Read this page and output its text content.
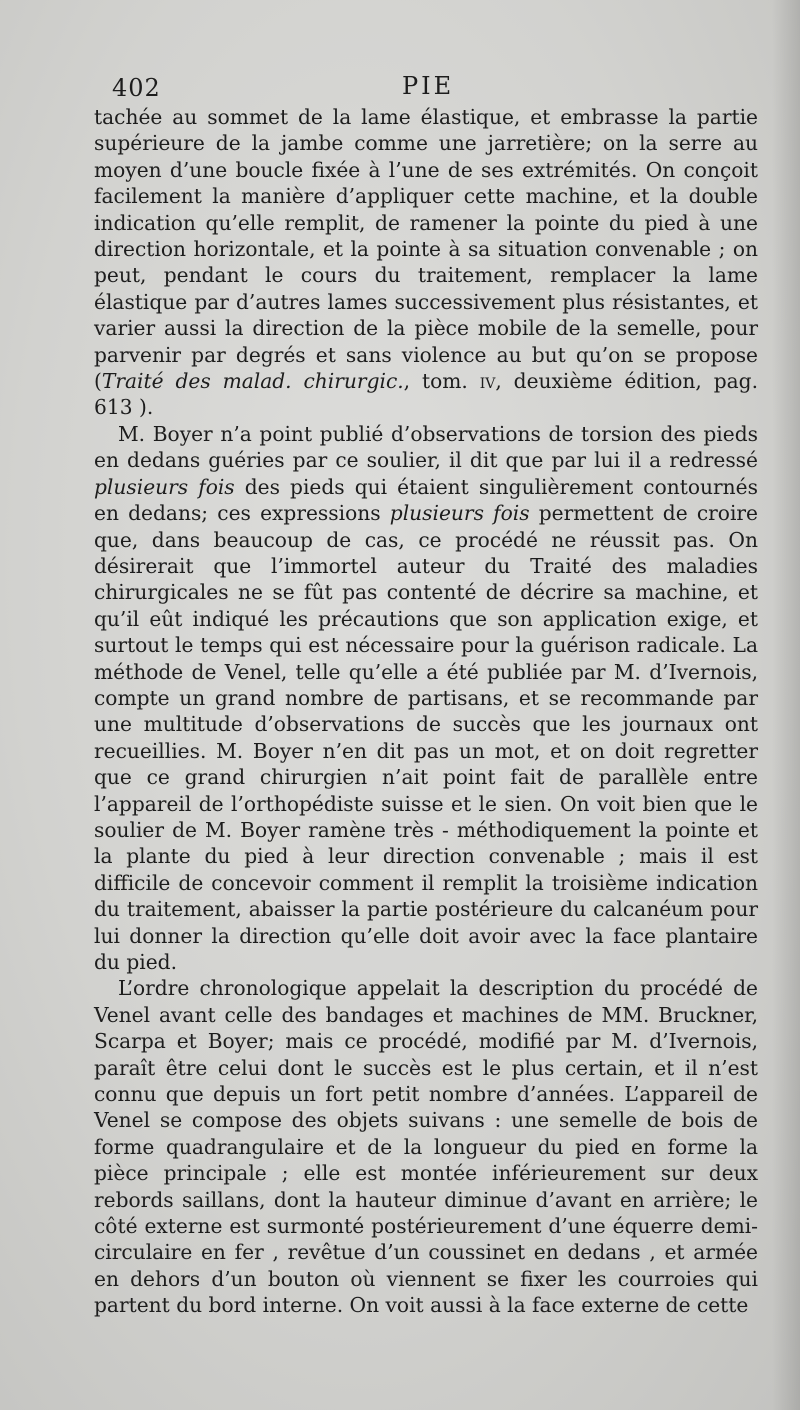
402	PIE

tachée au sommet de la lame élastique, et embrasse la partie supérieure de la jambe comme une jarretière; on la serre au moyen d’une boucle fixée à l’une de ses extrémités. On conçoit facilement la manière d’appliquer cette machine, et la double indication qu’elle remplit, de ramener la pointe du pied à une direction horizontale, et la pointe à sa situation convenable ; on peut, pendant le cours du traitement, remplacer la lame élastique par d’autres lames successivement plus résistantes, et varier aussi la direction de la pièce mobile de la semelle, pour parvenir par degrés et sans violence au but qu’on se propose (Traité des malad. chirurgic., tom. iv, deuxième édition, pag. 613 ).

M. Boyer n’a point publié d’observations de torsion des pieds en dedans guéries par ce soulier, il dit que par lui il a redressé plusieurs fois des pieds qui étaient singulièrement contournés en dedans; ces expressions plusieurs fois permettent de croire que, dans beaucoup de cas, ce procédé ne réussit pas. On désirerait que l’immortel auteur du Traité des maladies chirurgicales ne se fût pas contenté de décrire sa machine, et qu’il eût indiqué les précautions que son application exige, et surtout le temps qui est nécessaire pour la guérison radicale. La méthode de Venel, telle qu’elle a été publiée par M. d’Ivernois, compte un grand nombre de partisans, et se recommande par une multitude d’observations de succès que les journaux ont recueillies. M. Boyer n’en dit pas un mot, et on doit regretter que ce grand chirurgien n’ait point fait de parallèle entre l’appareil de l’orthopédiste suisse et le sien. On voit bien que le soulier de M. Boyer ramène très - méthodiquement la pointe et la plante du pied à leur direction convenable ; mais il est difficile de concevoir comment il remplit la troisième indication du traitement, abaisser la partie postérieure du calcanéum pour lui donner la direction qu’elle doit avoir avec la face plantaire du pied.

L’ordre chronologique appelait la description du procédé de Venel avant celle des bandages et machines de MM. Bruckner, Scarpa et Boyer; mais ce procédé, modifié par M. d’Ivernois, paraît être celui dont le succès est le plus certain, et il n’est connu que depuis un fort petit nombre d’années. L’appareil de Venel se compose des objets suivans : une semelle de bois de forme quadrangulaire et de la longueur du pied en forme la pièce principale ; elle est montée inférieurement sur deux rebords saillans, dont la hauteur diminue d’avant en arrière; le côté externe est surmonté postérieurement d’une équerre demi-circulaire en fer , revêtue d’un coussinet en dedans , et armée en dehors d’un bouton où viennent se fixer les courroies qui partent du bord interne. On voit aussi à la face externe de cette
